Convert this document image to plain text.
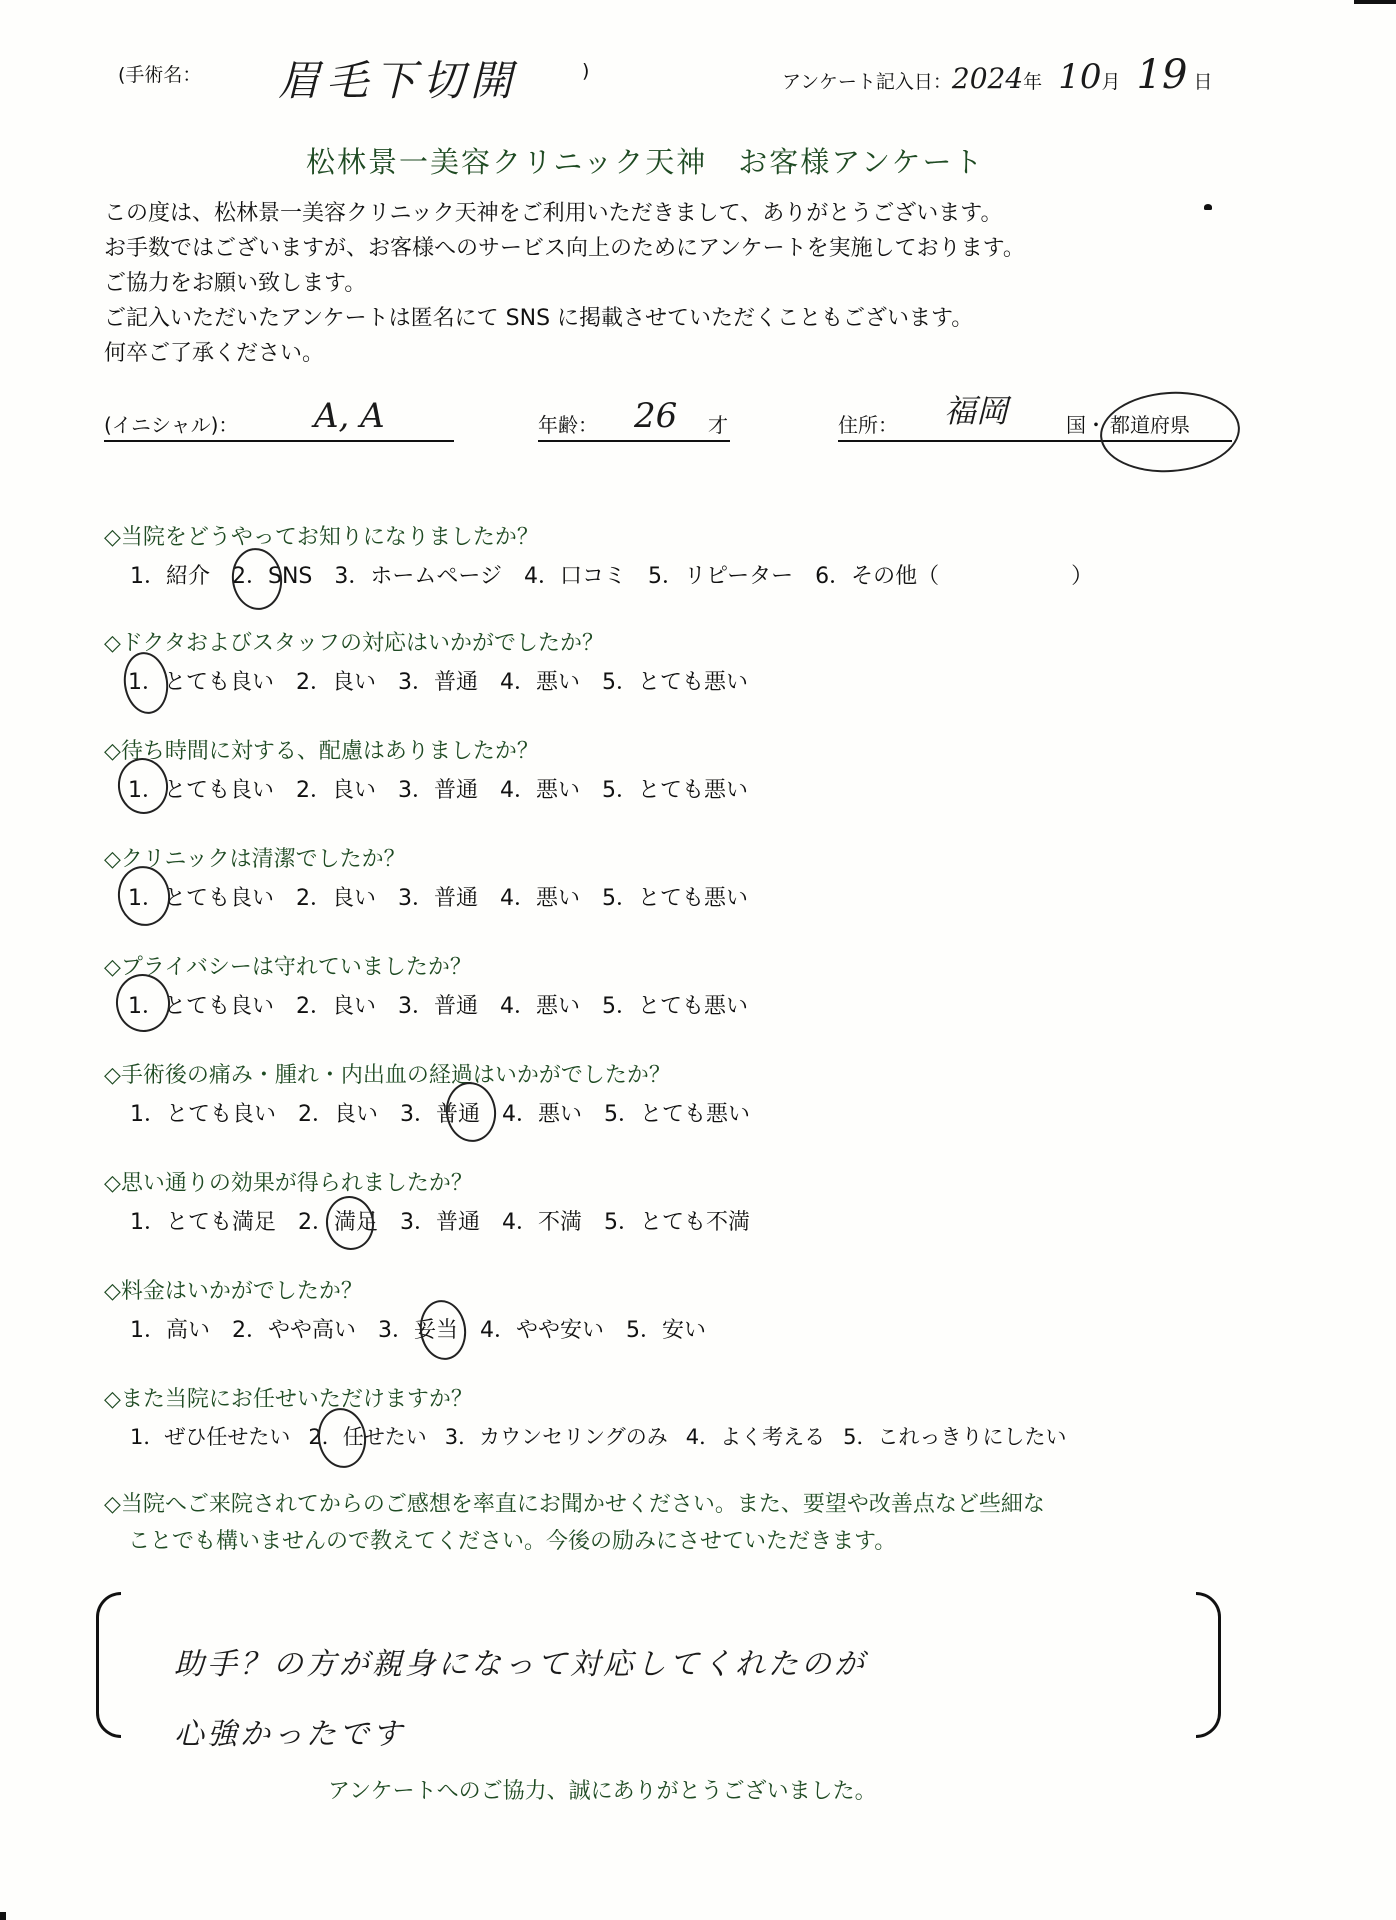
(手術名： 眉毛下切開	)	アンケート記入日：2024年 10月 19 日
松林景一美容クリニック天神　お客様アンケート
この度は、松林景一美容クリニック天神をご利用いただきまして、ありがとうございます。
お手数ではございますが、お客様へのサービス向上のためにアンケートを実施しております。
ご協力をお願い致します。
ご記入いただいたアンケートは匿名にて SNS に掲載させていただくこともございます。
何卒ご了承ください。
(イニシャル)： A, A	年齢： 26 才	住所： 福岡	国 ・ 都道府県
◇当院をどうやってお知りになりましたか？
1．紹介 2．SNS 3．ホームページ 4．口コミ 5．リピーター 6．その他（　　　　　　）
◇ドクタおよびスタッフの対応はいかがでしたか？
1．とても良い 2．良い 3．普通 4．悪い 5．とても悪い
◇待ち時間に対する、配慮はありましたか？
1．とても良い 2．良い 3．普通 4．悪い 5．とても悪い
◇クリニックは清潔でしたか？
1．とても良い 2．良い 3．普通 4．悪い 5．とても悪い
◇プライバシーは守れていましたか？
1．とても良い 2．良い 3．普通 4．悪い 5．とても悪い
◇手術後の痛み・腫れ・内出血の経過はいかがでしたか？
1．とても良い 2．良い 3．普通 4．悪い 5．とても悪い
◇思い通りの効果が得られましたか？
1．とても満足 2．満足 3．普通 4．不満 5．とても不満
◇料金はいかがでしたか？
1．高い 2．やや高い 3．妥当 4．やや安い 5．安い
◇また当院にお任せいただけますか？
1．ぜひ任せたい 2．任せたい 3．カウンセリングのみ 4．よく考える 5．これっきりにしたい
◇当院へご来院されてからのご感想を率直にお聞かせください。また、要望や改善点など些細な
ことでも構いませんので教えてください。今後の励みにさせていただきます。
助手？の方が親身になって対応してくれたのが
心強かったです
アンケートへのご協力、誠にありがとうございました。
